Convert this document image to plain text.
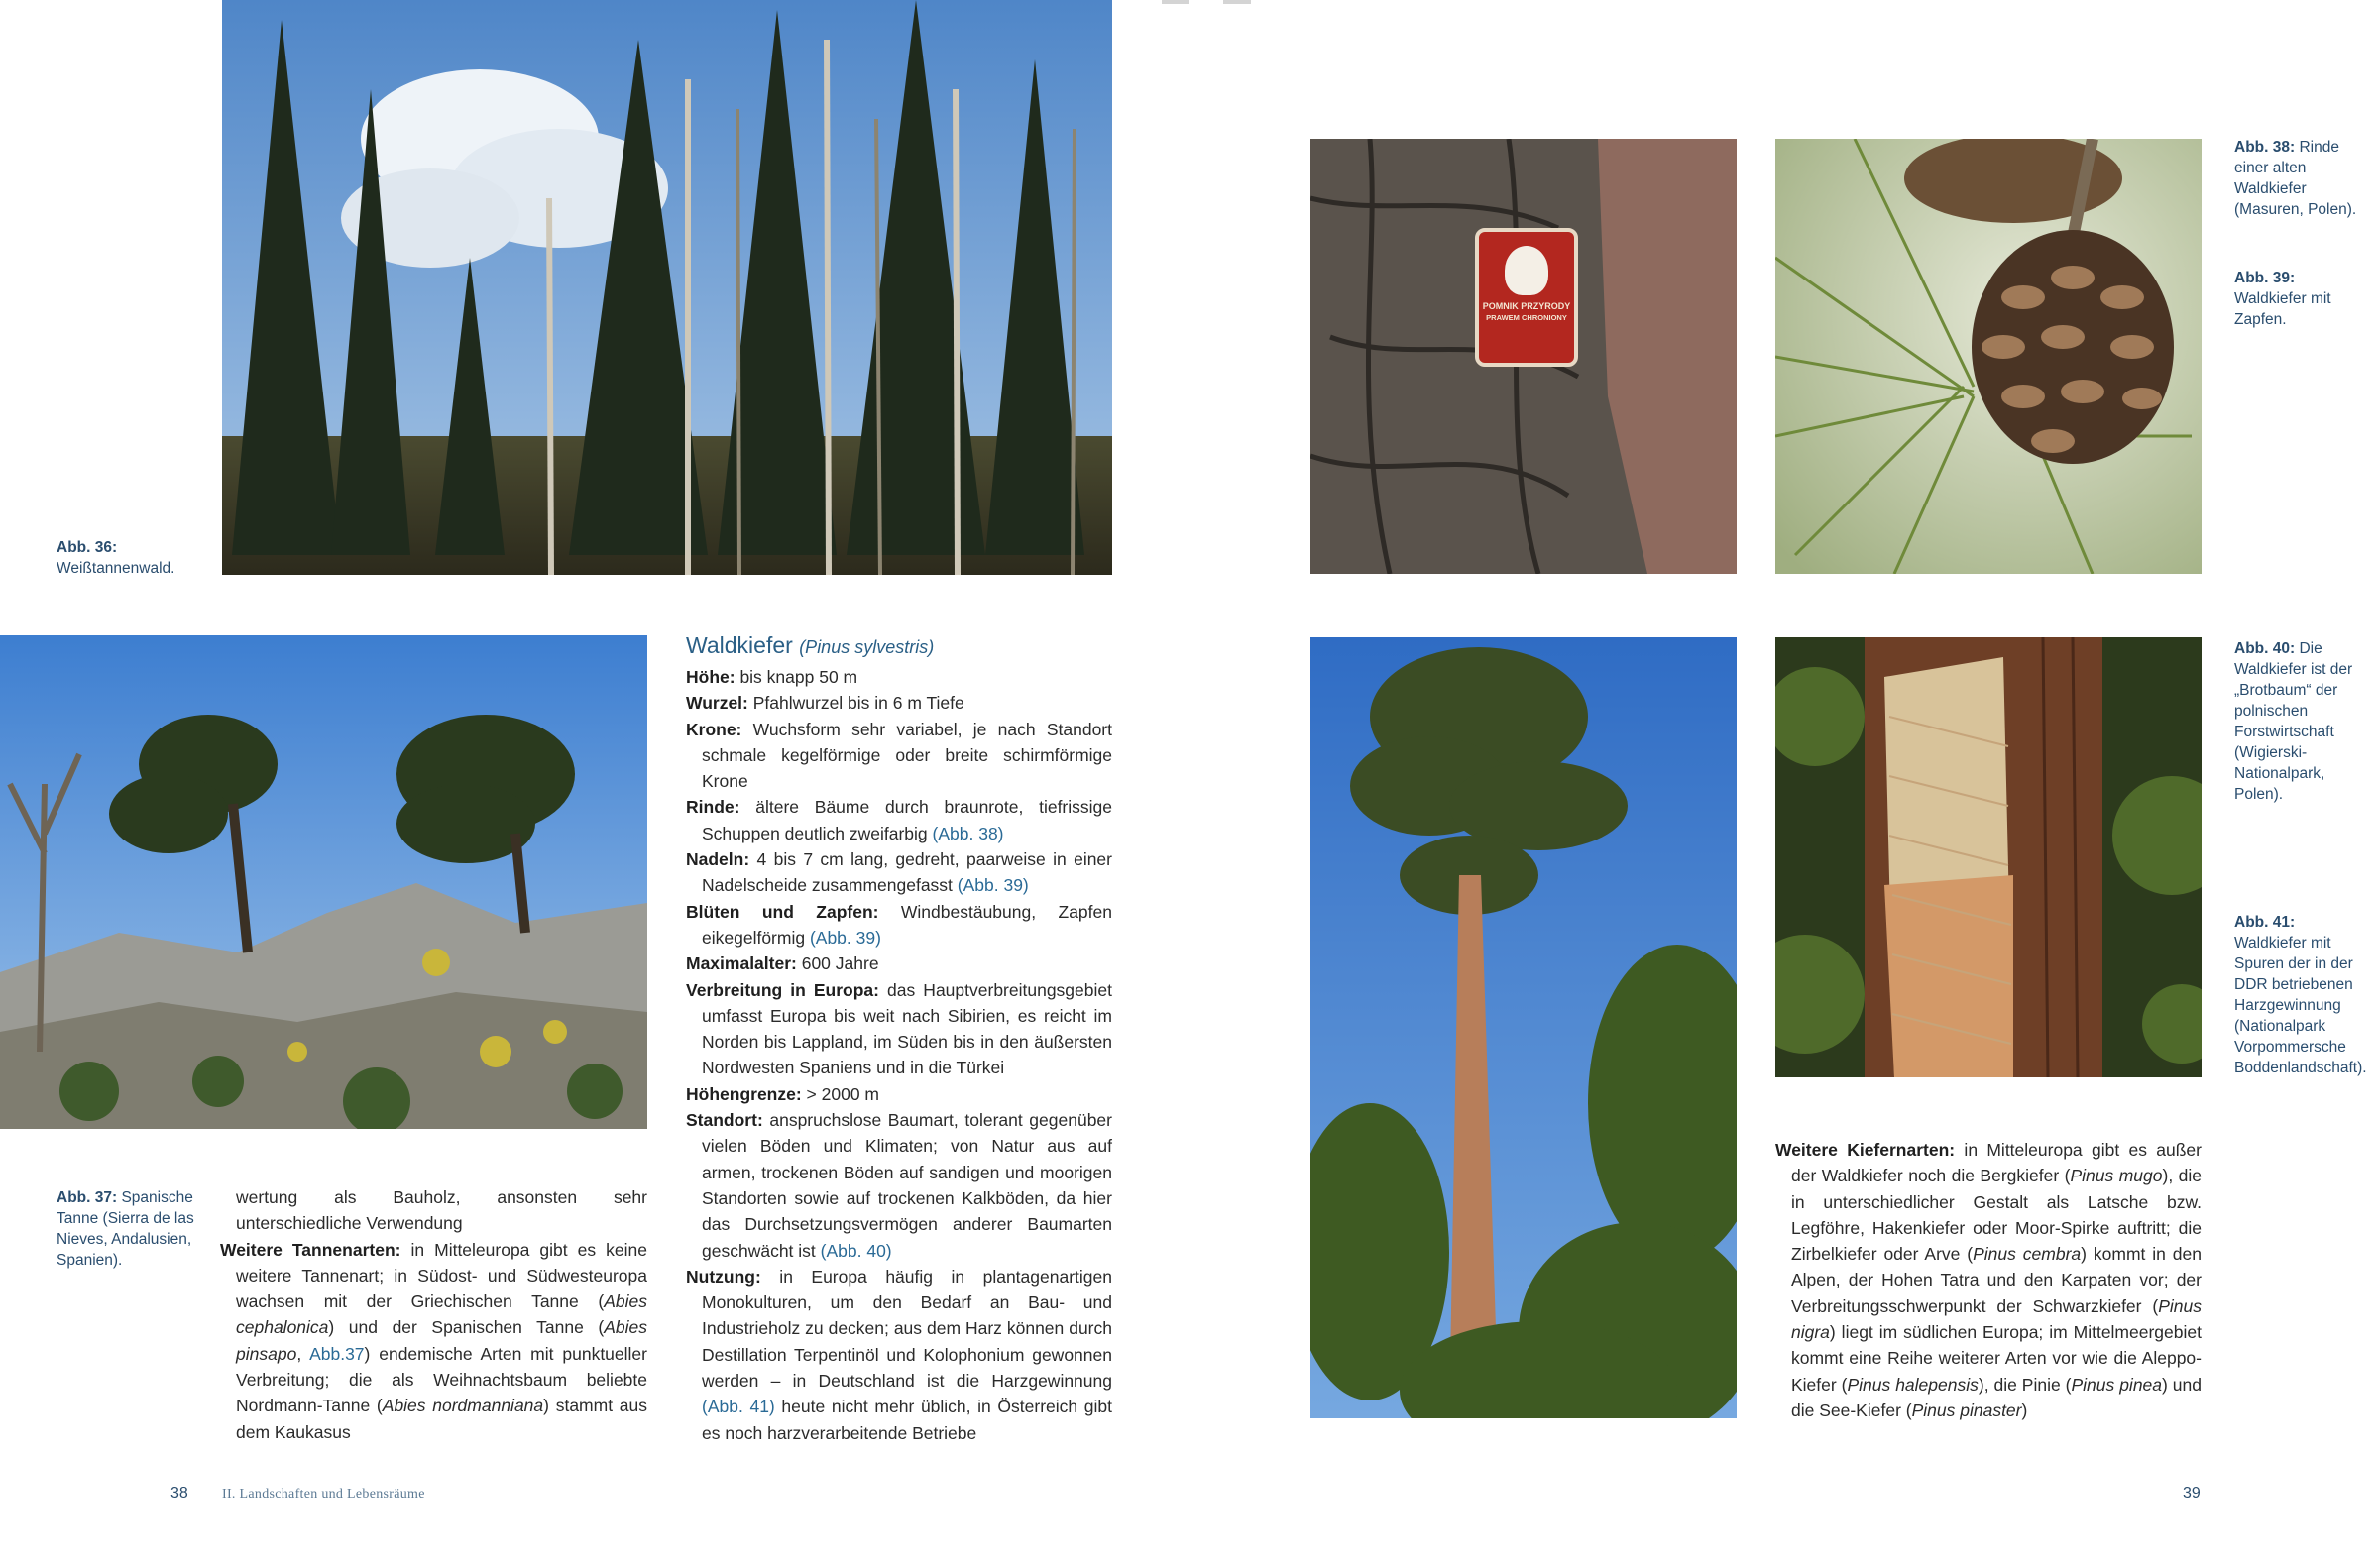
Abb. 36: Weißtannenwald.
Abb. 37: Spanische Tanne (Sierra de las Nieves, Andalusien, Spanien).

wertung als Bauholz, ansonsten sehr unterschiedliche Verwendung

Weitere Tannenarten: in Mitteleuropa gibt es keine weitere Tannenart; in Südost- und Südwesteuropa wachsen mit der Griechischen Tanne (Abies cephalonica) und der Spanischen Tanne (Abies pinsapo, Abb.37) endemische Arten mit punktueller Verbreitung; die als Weihnachtsbaum beliebte Nordmann-Tanne (Abies nordmanniana) stammt aus dem Kaukasus

Waldkiefer (Pinus sylvestris)

Höhe: bis knapp 50 m

Wurzel: Pfahlwurzel bis in 6 m Tiefe

Krone: Wuchsform sehr variabel, je nach Standort schmale kegelförmige oder breite schirmförmige Krone

Rinde: ältere Bäume durch braunrote, tiefrissige Schuppen deutlich zweifarbig (Abb. 38)

Nadeln: 4 bis 7 cm lang, gedreht, paarweise in einer Nadelscheide zusammengefasst (Abb. 39)

Blüten und Zapfen: Windbestäubung, Zapfen eikegelförmig (Abb. 39)

Maximalalter: 600 Jahre

Verbreitung in Europa: das Hauptverbreitungsgebiet umfasst Europa bis weit nach Sibirien, es reicht im Norden bis Lappland, im Süden bis in den äußersten Nordwesten Spaniens und in die Türkei

Höhengrenze: > 2000 m

Standort: anspruchslose Baumart, tolerant gegenüber vielen Böden und Klimaten; von Natur aus auf armen, trockenen Böden auf sandigen und moorigen Standorten sowie auf trockenen Kalkböden, da hier das Durchsetzungsvermögen anderer Baumarten geschwächt ist (Abb. 40)

Nutzung: in Europa häufig in plantagenartigen Monokulturen, um den Bedarf an Bau- und Industrieholz zu decken; aus dem Harz können durch Destillation Terpentinöl und Kolophonium gewonnen werden – in Deutschland ist die Harzgewinnung (Abb. 41) heute nicht mehr üblich, in Österreich gibt es noch harzverarbeitende Betriebe

POMNIK PRZYRODY
PRAWEM CHRONIONY
Abb. 38: Rinde einer alten Waldkiefer (Masuren, Polen).
Abb. 39: Waldkiefer mit Zapfen.
Abb. 40: Die Waldkiefer ist der „Brotbaum“ der polnischen Forstwirtschaft (Wigierski-Nationalpark, Polen).
Abb. 41: Waldkiefer mit Spuren der in der DDR betriebenen Harzgewinnung (Nationalpark Vorpommersche Boddenlandschaft).

Weitere Kiefernarten: in Mitteleuropa gibt es außer der Waldkiefer noch die Bergkiefer (Pinus mugo), die in unterschiedlicher Gestalt als Latsche bzw. Legföhre, Hakenkiefer oder Moor-Spirke auftritt; die Zirbelkiefer oder Arve (Pinus cembra) kommt in den Alpen, der Hohen Tatra und den Karpaten vor; der Verbreitungsschwerpunkt der Schwarzkiefer (Pinus nigra) liegt im südlichen Europa; im Mittelmeergebiet kommt eine Reihe weiterer Arten vor wie die Aleppo-Kiefer (Pinus halepensis), die Pinie (Pinus pinea) und die See-Kiefer (Pinus pinaster)

38 II. Landschaften und Lebensräume	39
